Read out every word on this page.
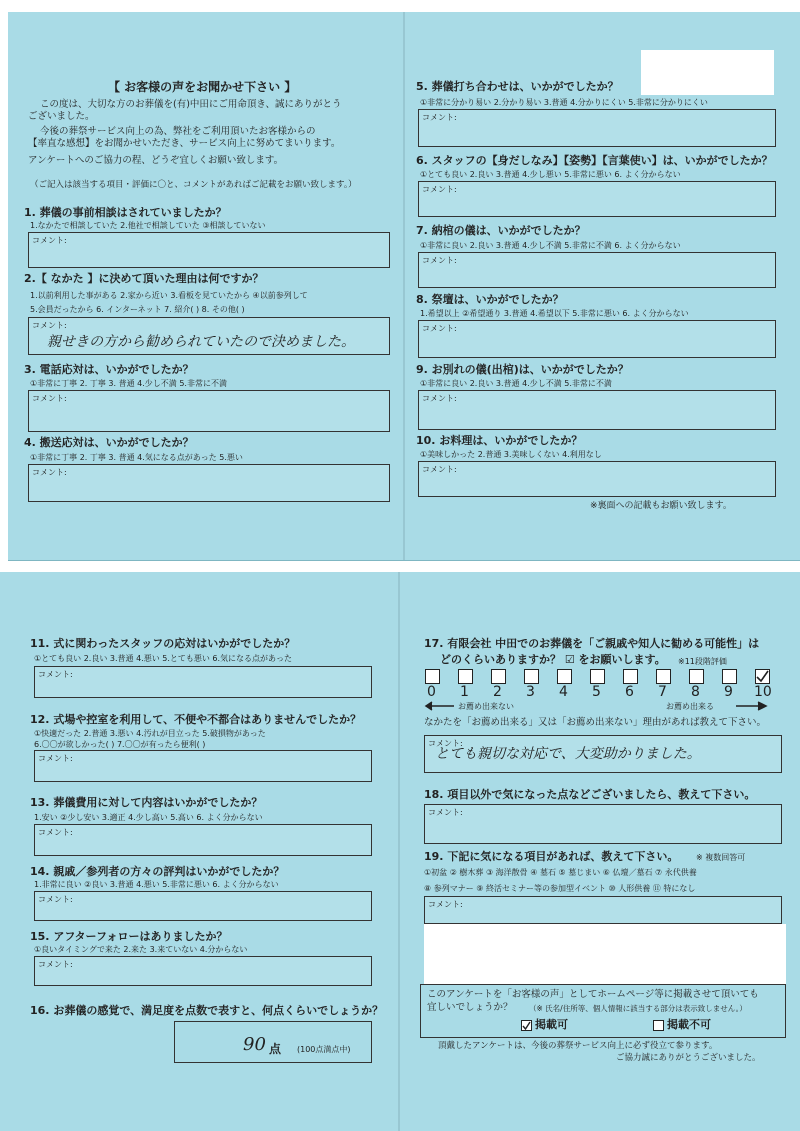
【 お客様の声をお聞かせ下さい 】
この度は、大切な方のお葬儀を(有)中田にご用命頂き、誠にありがとう
ございました。
今後の葬祭サービス向上の為、弊社をご利用頂いたお客様からの
【率直な感想】をお聞かせいただき、サービス向上に努めてまいります。
アンケートへのご協力の程、どうぞ宜しくお願い致します。
（ご記入は該当する項目・評価に〇と、コメントがあればご記載をお願い致します。）
1. 葬儀の事前相談はされていましたか？
1.なかたで相談していた 2.他社で相談していた ③相談していない
コメント:
2.【 なかた 】に決めて頂いた理由は何ですか？
1.以前利用した事がある 2.家から近い 3.看板を見ていたから ④以前参列して
5.会員だったから 6. インターネット 7. 紹介( ) 8. その他( )
コメント:
親せきの方から勧められていたので決めました。
3. 電話応対は、いかがでしたか？
①非常に丁寧 2. 丁寧 3. 普通 4.少し不満 5.非常に不満
コメント:
4. 搬送応対は、いかがでしたか？
①非常に丁寧 2. 丁寧 3. 普通 4.気になる点があった 5.悪い
コメント:
5. 葬儀打ち合わせは、いかがでしたか？
①非常に分かり易い 2.分かり易い 3.普通 4.分かりにくい 5.非常に分かりにくい
コメント:
6. スタッフの【身だしなみ】【姿勢】【言葉使い】は、いかがでしたか？
①とても良い 2.良い 3.普通 4.少し悪い 5.非常に悪い 6. よく分からない
コメント:
7. 納棺の儀は、いかがでしたか？
①非常に良い 2.良い 3.普通 4.少し不満 5.非常に不満 6. よく分からない
コメント:
8. 祭壇は、いかがでしたか？
1.希望以上 ②希望通り 3.普通 4.希望以下 5.非常に悪い 6. よく分からない
コメント:
9. お別れの儀(出棺)は、いかがでしたか？
①非常に良い 2.良い 3.普通 4.少し不満 5.非常に不満
コメント:
10. お料理は、いかがでしたか？
①美味しかった 2.普通 3.美味しくない 4.利用なし
コメント:
※裏面への記載もお願い致します。
11. 式に関わったスタッフの応対はいかがでしたか？
①とても良い 2.良い 3.普通 4.悪い 5.とても悪い 6.気になる点があった
コメント:
12. 式場や控室を利用して、不便や不都合はありませんでしたか？
①快適だった 2.普通 3.悪い 4.汚れが目立った 5.破損物があった
6.〇〇が欲しかった( ) 7.〇〇が有ったら便利( )
コメント:
13. 葬儀費用に対して内容はいかがでしたか？
1.安い ②少し安い 3.適正 4.少し高い 5.高い 6. よく分からない
コメント:
14. 親戚／参列者の方々の評判はいかがでしたか？
1.非常に良い ②良い 3.普通 4.悪い 5.非常に悪い 6. よく分からない
コメント:
15. アフターフォローはありましたか？
①良いタイミングで来た 2.来た 3.来ていない 4.分からない
コメント:
16. お葬儀の感覚で、満足度を点数で表すと、何点くらいでしょうか？
90 点 (100点満点中)
17. 有限会社 中田でのお葬儀を「ご親戚や知人に勧める可能性」は
どのくらいありますか？ ☑ をお願いします。 ※11段階評価
0 1 2 3 4 5 6 7 8 9 10
お薦め出来ない	お薦め出来る
なかたを「お薦め出来る」又は「お薦め出来ない」理由があれば教えて下さい。
コメント:
とても親切な対応で、大変助かりました。
18. 項目以外で気になった点などございましたら、教えて下さい。
コメント:
19. 下記に気になる項目があれば、教えて下さい。 ※ 複数回答可
①初盆 ② 樹木葬 ③ 海洋散骨 ④ 墓石 ⑤ 墓じまい ⑥ 仏壇／墓石 ⑦ 永代供養
⑧ 参列マナー ⑨ 終活セミナー等の参加型イベント ⑩ 人形供養 ⑪ 特になし
コメント:
このアンケートを「お客様の声」としてホームページ等に掲載させて頂いても
宜しいでしょうか？ （※ 氏名/住所等、個人情報に該当する部分は表示致しません。）
掲載可	掲載不可
頂戴したアンケートは、今後の葬祭サービス向上に必ず役立て参ります。
ご協力誠にありがとうございました。
